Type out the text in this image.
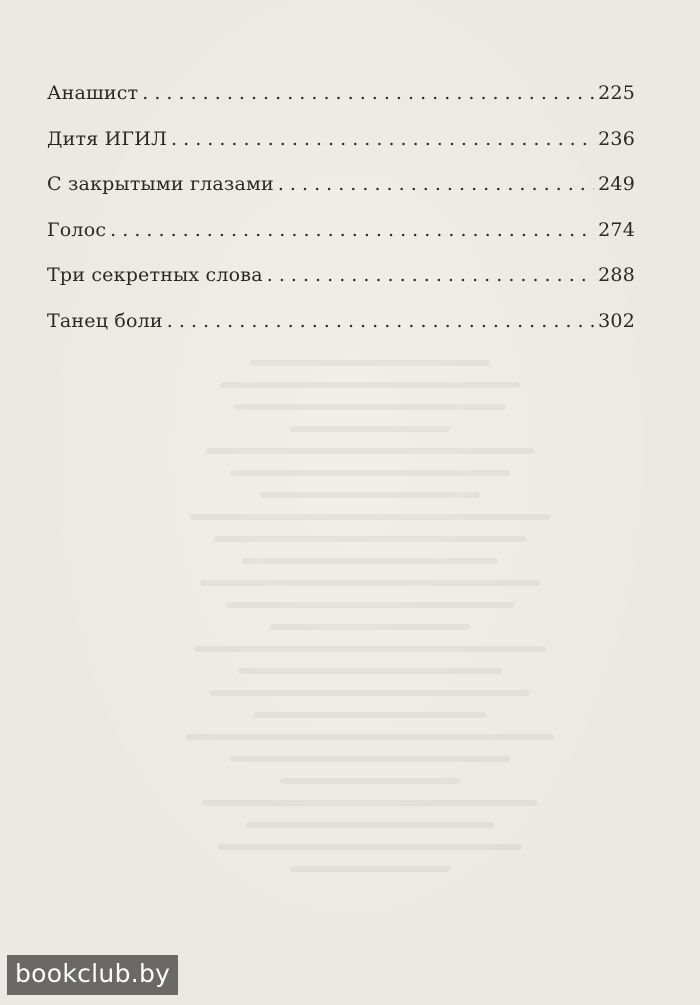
Анашист . . .	225
Дитя ИГИЛ . . .	236
С закрытыми глазами . . .	249
Голос . . .	274
Три секретных слова . . .	288
Танец боли . . .	302
bookclub.by
